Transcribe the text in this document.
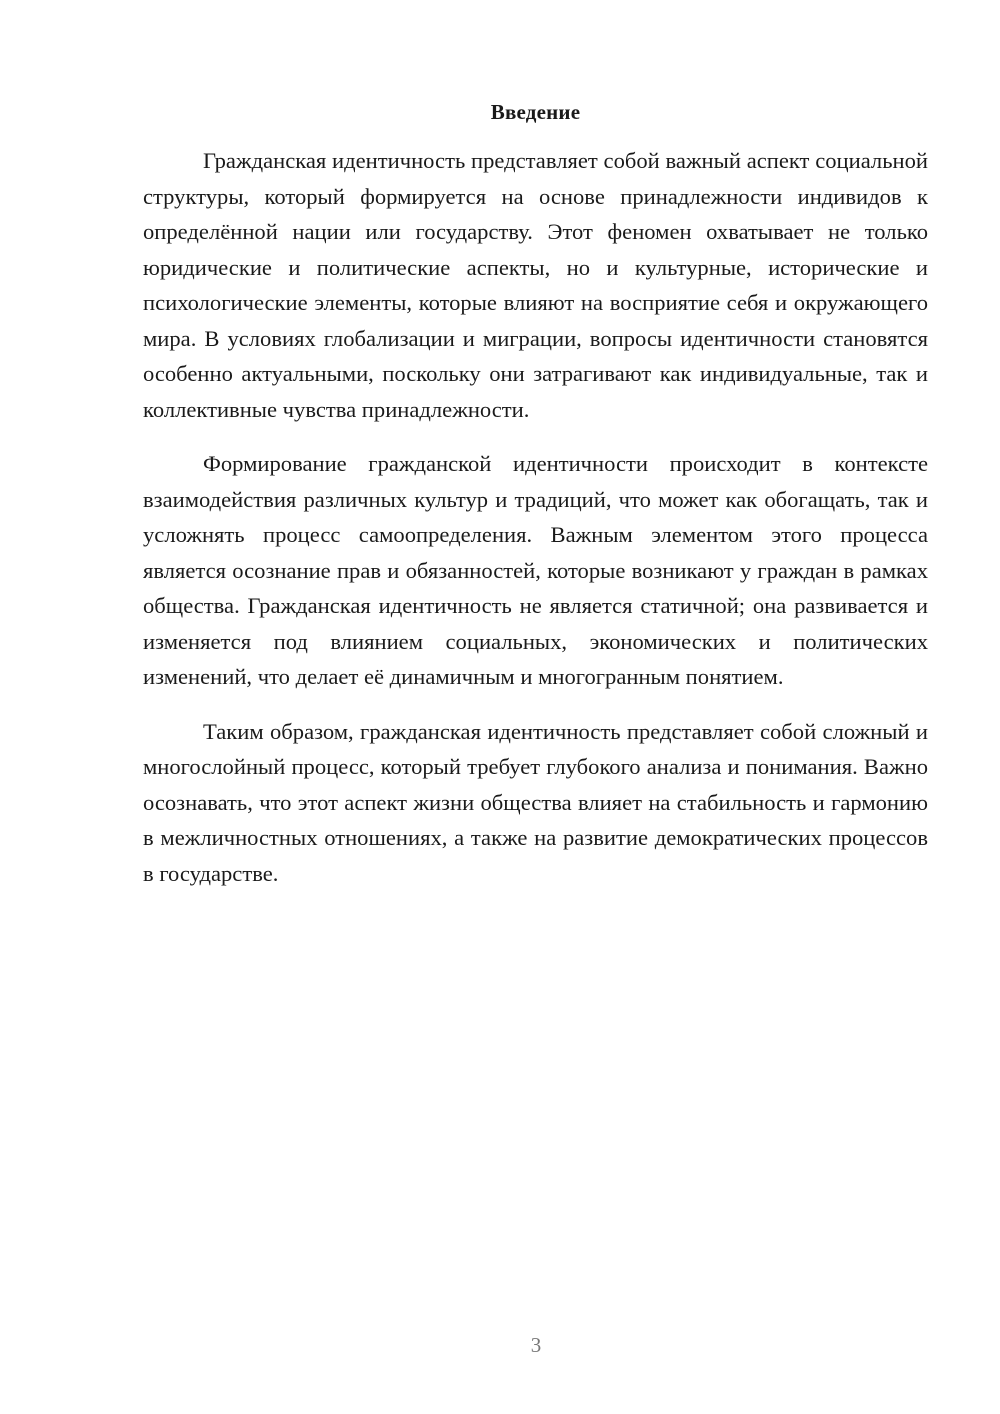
Введение

Гражданская идентичность представляет собой важный аспект социальной структуры, который формируется на основе принадлежности индивидов к определённой нации или государству. Этот феномен охватывает не только юридические и политические аспекты, но и культурные, исторические и психологические элементы, которые влияют на восприятие себя и окружающего мира. В условиях глобализации и миграции, вопросы идентичности становятся особенно актуальными, поскольку они затрагивают как индивидуальные, так и коллективные чувства принадлежности.

Формирование гражданской идентичности происходит в контексте взаимодействия различных культур и традиций, что может как обогащать, так и усложнять процесс самоопределения. Важным элементом этого процесса является осознание прав и обязанностей, которые возникают у граждан в рамках общества. Гражданская идентичность не является статичной; она развивается и изменяется под влиянием социальных, экономических и политических изменений, что делает её динамичным и многогранным понятием.

Таким образом, гражданская идентичность представляет собой сложный и многослойный процесс, который требует глубокого анализа и понимания. Важно осознавать, что этот аспект жизни общества влияет на стабильность и гармонию в межличностных отношениях, а также на развитие демократических процессов в государстве.

3
